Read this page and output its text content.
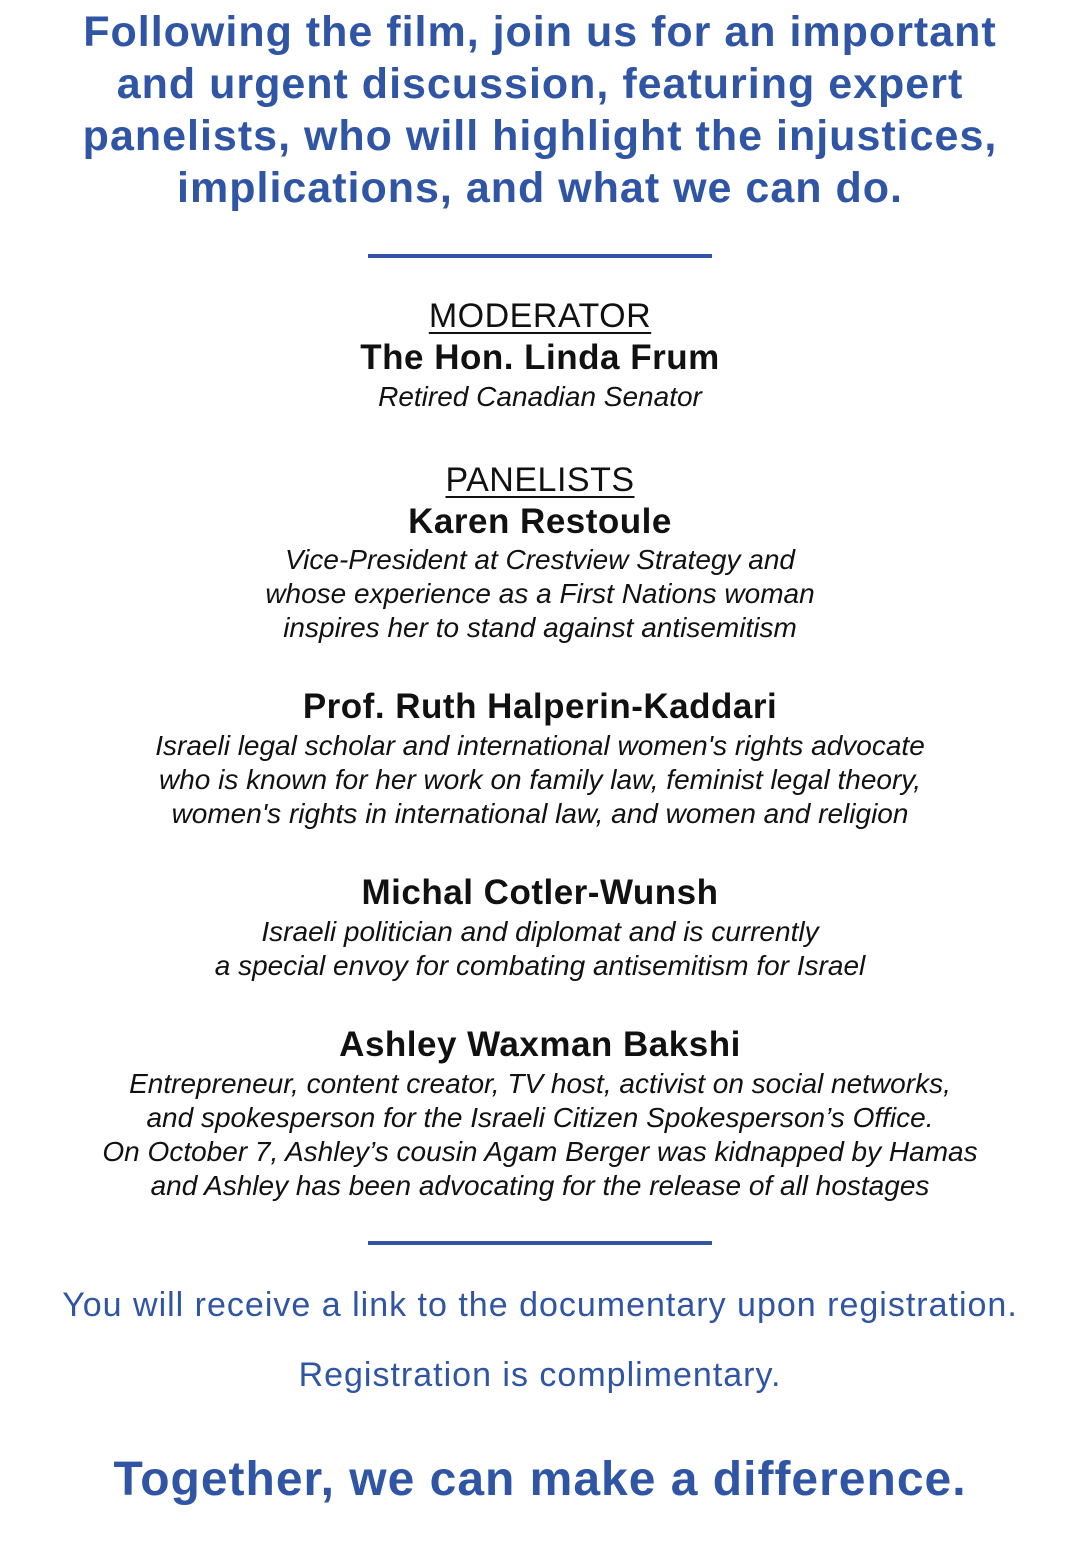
Following the film, join us for an important
and urgent discussion, featuring expert
panelists, who will highlight the injustices,
implications, and what we can do.
MODERATOR
The Hon. Linda Frum
Retired Canadian Senator
PANELISTS
Karen Restoule
Vice-President at Crestview Strategy and
whose experience as a First Nations woman
inspires her to stand against antisemitism
Prof. Ruth Halperin-Kaddari
Israeli legal scholar and international women's rights advocate
who is known for her work on family law, feminist legal theory,
women's rights in international law, and women and religion
Michal Cotler-Wunsh
Israeli politician and diplomat and is currently
a special envoy for combating antisemitism for Israel
Ashley Waxman Bakshi
Entrepreneur, content creator, TV host, activist on social networks,
and spokesperson for the Israeli Citizen Spokesperson’s Office.
On October 7, Ashley’s cousin Agam Berger was kidnapped by Hamas
and Ashley has been advocating for the release of all hostages
You will receive a link to the documentary upon registration.
Registration is complimentary.
Together, we can make a difference.
